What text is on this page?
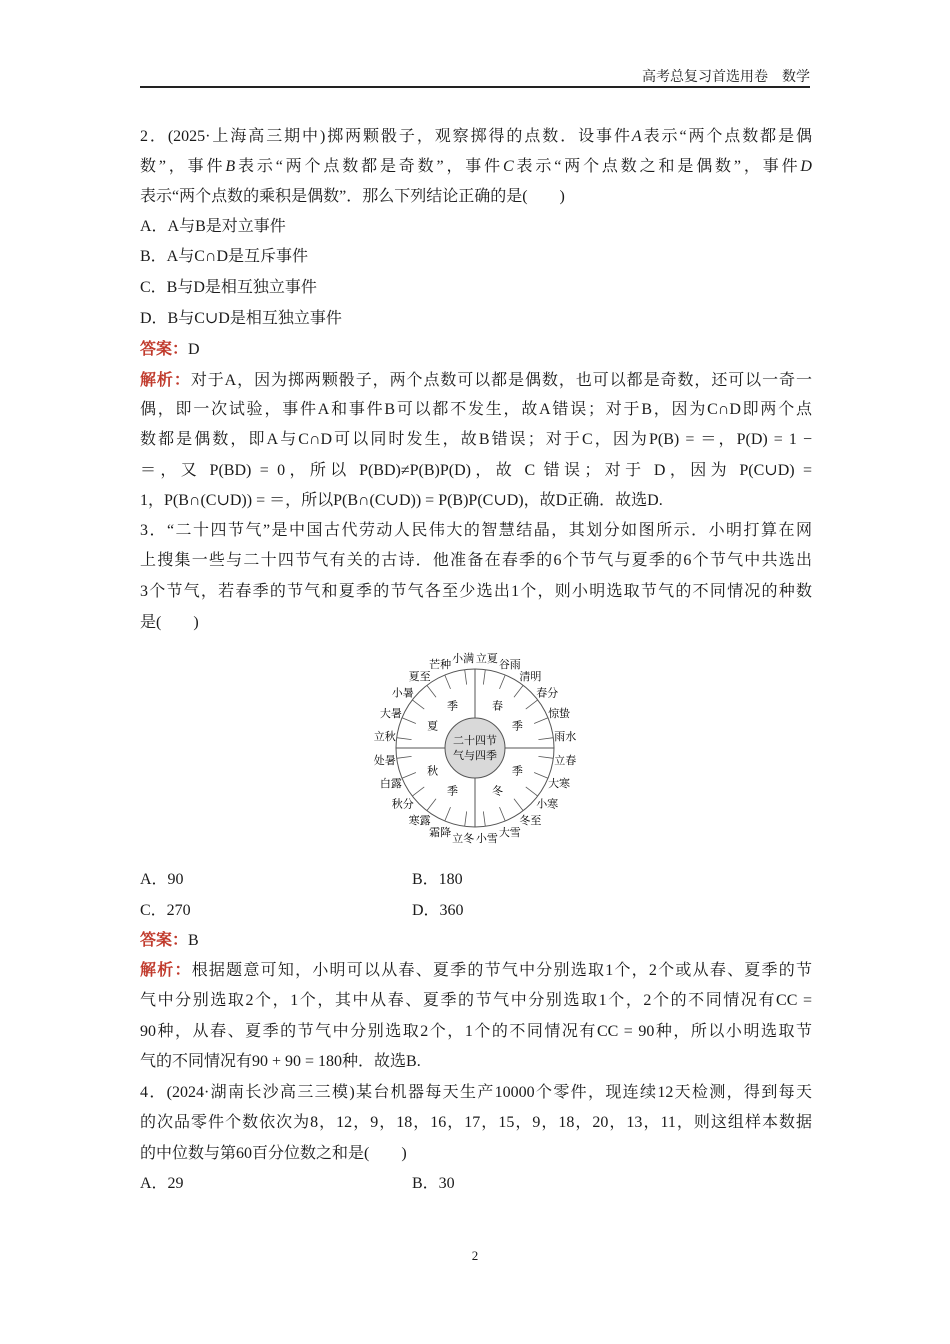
高考总复习首选用卷　数学
2．(2025·上海高三期中)掷两颗骰子，观察掷得的点数．设事件A表示“两个点数都是偶
数”，事件B表示“两个点数都是奇数”，事件C表示“两个点数之和是偶数”，事件D
表示“两个点数的乘积是偶数”．那么下列结论正确的是(　　)
A．A与B是对立事件
B．A与C∩D是互斥事件
C．B与D是相互独立事件
D．B与C∪D是相互独立事件
答案：D
解析：对于A，因为掷两颗骰子，两个点数可以都是偶数，也可以都是奇数，还可以一奇一
偶，即一次试验，事件A和事件B可以都不发生，故A错误；对于B，因为C∩D即两个点
数都是偶数，即A与C∩D可以同时发生，故B错误；对于C，因为P(B) = ＝，P(D) = 1 −
＝，又 P(BD) = 0，所以 P(BD)≠P(B)P(D)，故 C 错误；对于 D，因为 P(C∪D) =
1，P(B∩(C∪D)) = ＝，所以P(B∩(C∪D)) = P(B)P(C∪D)，故D正确．故选D.
3．“二十四节气”是中国古代劳动人民伟大的智慧结晶，其划分如图所示．小明打算在网
上搜集一些与二十四节气有关的古诗．他准备在春季的6个节气与夏季的6个节气中共选出
3个节气，若春季的节气和夏季的节气各至少选出1个，则小明选取节气的不同情况的种数
是(　　)
二十四节
气与四季
夏
季	春
季
秋
季	冬
季
立夏 谷雨
清明
春分
惊蛰
雨水
立春
大寒
小寒
冬至
大雪
小雪
立冬
霜降
寒露
秋分
白露
处暑
立秋
大暑
小暑
夏至
芒种 小满
A．90	B．180
C．270	D．360
答案：B
解析：根据题意可知，小明可以从春、夏季的节气中分别选取1个，2个或从春、夏季的节
气中分别选取2个，1个，其中从春、夏季的节气中分别选取1个，2个的不同情况有CC =
90种，从春、夏季的节气中分别选取2个，1个的不同情况有CC = 90种，所以小明选取节
气的不同情况有90 + 90 = 180种．故选B.
4．(2024·湖南长沙高三三模)某台机器每天生产10000个零件，现连续12天检测，得到每天
的次品零件个数依次为8，12，9，18，16，17，15，9，18，20，13，11，则这组样本数据
的中位数与第60百分位数之和是(　　)
A．29	B．30
2
